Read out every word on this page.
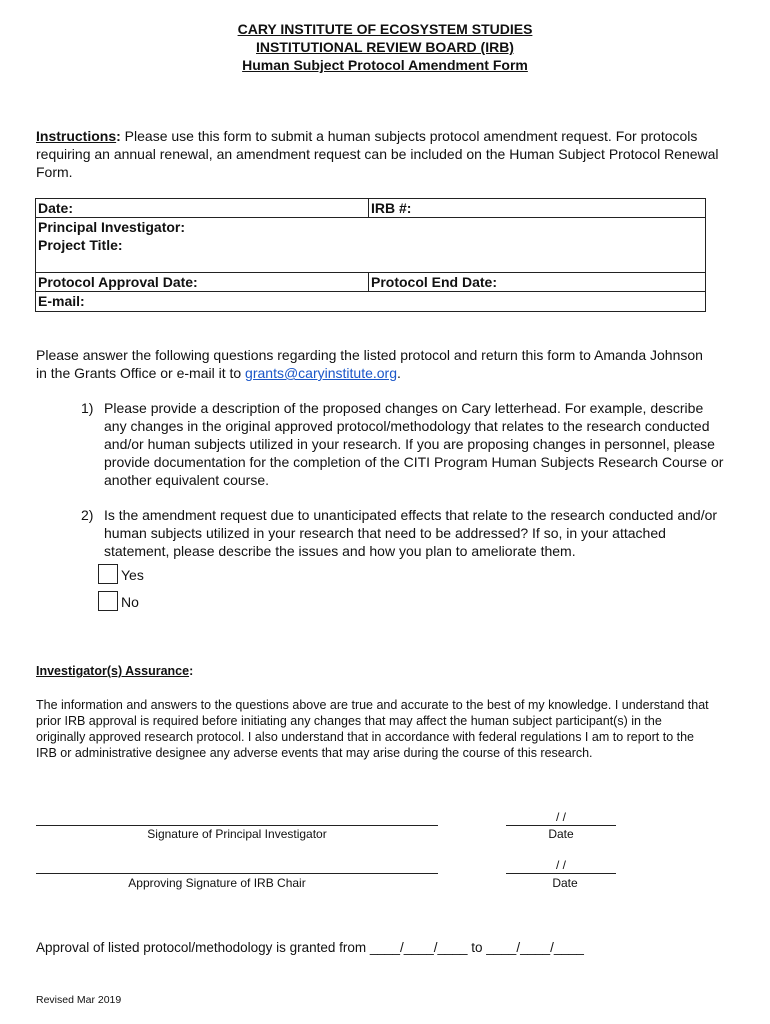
CARY INSTITUTE OF ECOSYSTEM STUDIES
INSTITUTIONAL REVIEW BOARD (IRB)
Human Subject Protocol Amendment Form
Instructions: Please use this form to submit a human subjects protocol amendment request. For protocols requiring an annual renewal, an amendment request can be included on the Human Subject Protocol Renewal Form.
Date:	IRB #:
Principal Investigator:	
Project Title:	
Protocol Approval Date:	Protocol End Date:
E-mail:	
Please answer the following questions regarding the listed protocol and return this form to Amanda Johnson in the Grants Office or e-mail it to grants@caryinstitute.org.
1) Please provide a description of the proposed changes on Cary letterhead. For example, describe any changes in the original approved protocol/methodology that relates to the research conducted and/or human subjects utilized in your research. If you are proposing changes in personnel, please provide documentation for the completion of the CITI Program Human Subjects Research Course or another equivalent course.
2) Is the amendment request due to unanticipated effects that relate to the research conducted and/or human subjects utilized in your research that need to be addressed? If so, in your attached statement, please describe the issues and how you plan to ameliorate them.
Yes
No
Investigator(s) Assurance:
The information and answers to the questions above are true and accurate to the best of my knowledge. I understand that prior IRB approval is required before initiating any changes that may affect the human subject participant(s) in the originally approved research protocol. I also understand that in accordance with federal regulations I am to report to the IRB or administrative designee any adverse events that may arise during the course of this research.
Signature of Principal Investigator
/ /
Date
Approving Signature of IRB Chair
/ /
Date
Approval of listed protocol/methodology is granted from ____/____/____ to ____/____/____
Revised Mar 2019
